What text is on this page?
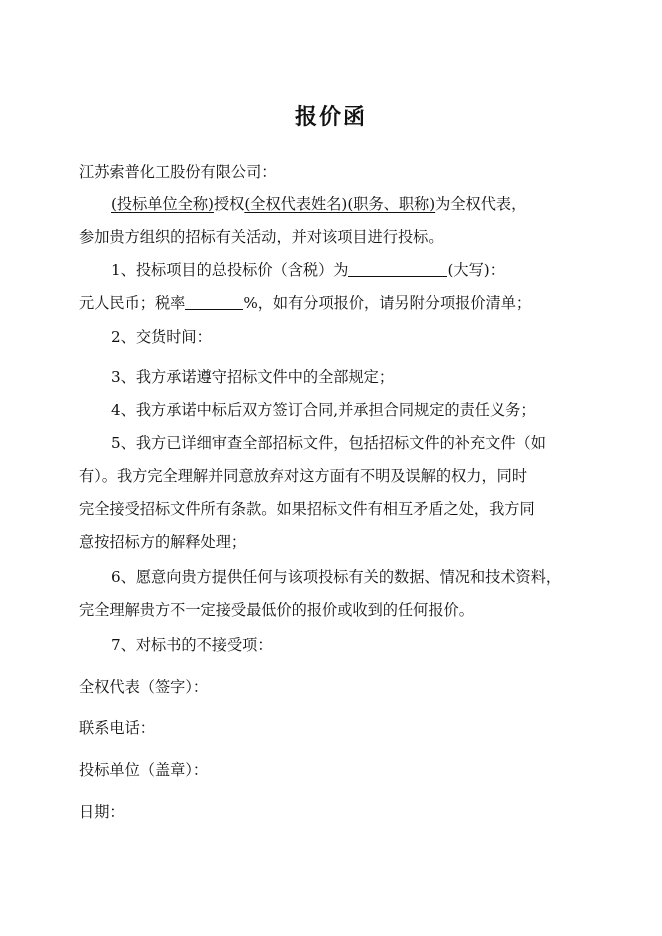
报价函
江苏索普化工股份有限公司：
(投标单位全称)授权(全权代表姓名)(职务、职称)为全权代表，
参加贵方组织的招标有关活动，并对该项目进行投标。
1、投标项目的总投标价（含税）为	(大写)：
元人民币；税率	%，如有分项报价，请另附分项报价清单；
2、交货时间：
3、我方承诺遵守招标文件中的全部规定；
4、我方承诺中标后双方签订合同,并承担合同规定的责任义务；
5、我方已详细审查全部招标文件，包括招标文件的补充文件（如
有）。我方完全理解并同意放弃对这方面有不明及误解的权力，同时
完全接受招标文件所有条款。如果招标文件有相互矛盾之处，我方同
意按招标方的解释处理；
6、愿意向贵方提供任何与该项投标有关的数据、情况和技术资料，
完全理解贵方不一定接受最低价的报价或收到的任何报价。
7、对标书的不接受项：
全权代表（签字）：
联系电话：
投标单位（盖章）：
日期：
